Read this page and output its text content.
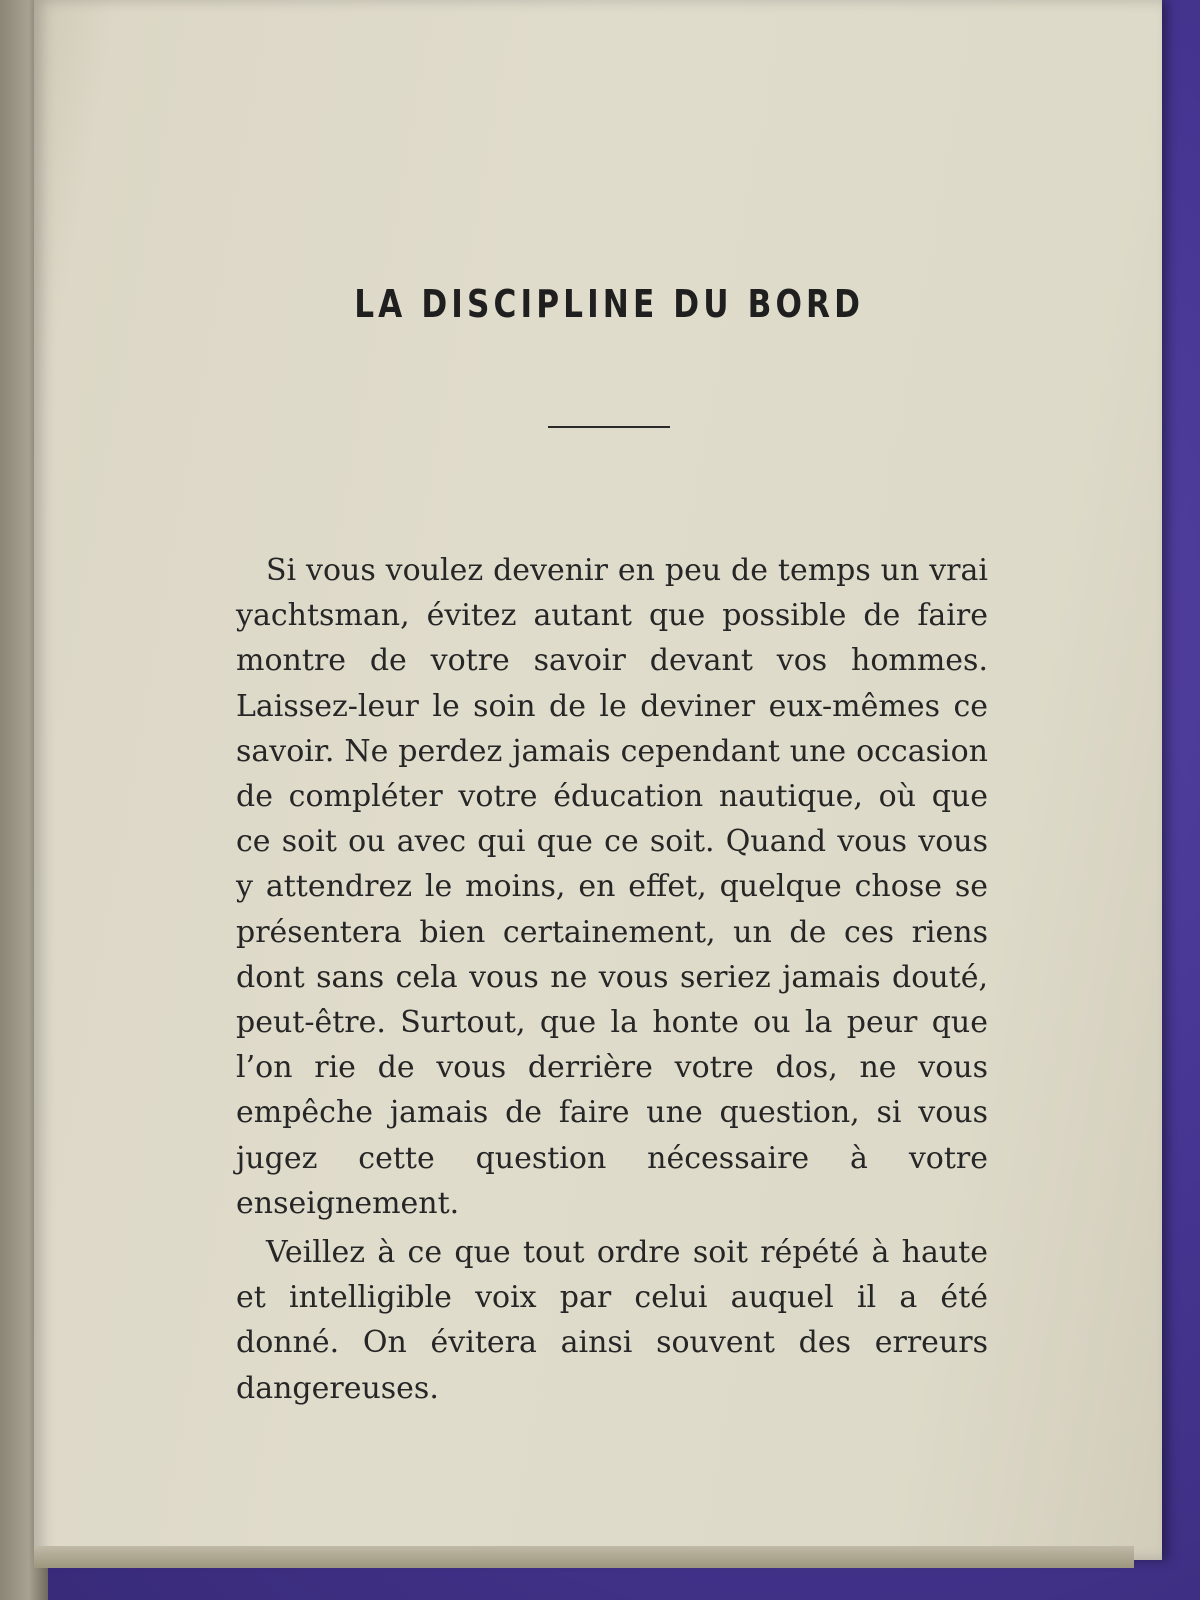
LA DISCIPLINE DU BORD

Si vous voulez devenir en peu de temps un vrai yachtsman, évitez autant que possible de faire montre de votre savoir devant vos hommes. Laissez-leur le soin de le deviner eux-mêmes ce savoir. Ne perdez jamais cependant une occasion de compléter votre éducation nautique, où que ce soit ou avec qui que ce soit. Quand vous vous y attendrez le moins, en effet, quelque chose se présentera bien certainement, un de ces riens dont sans cela vous ne vous seriez jamais douté, peut-être. Surtout, que la honte ou la peur que l’on rie de vous derrière votre dos, ne vous empêche jamais de faire une question, si vous jugez cette question nécessaire à votre enseignement.

Veillez à ce que tout ordre soit répété à haute et intelligible voix par celui auquel il a été donné. On évitera ainsi souvent des erreurs dangereuses.
